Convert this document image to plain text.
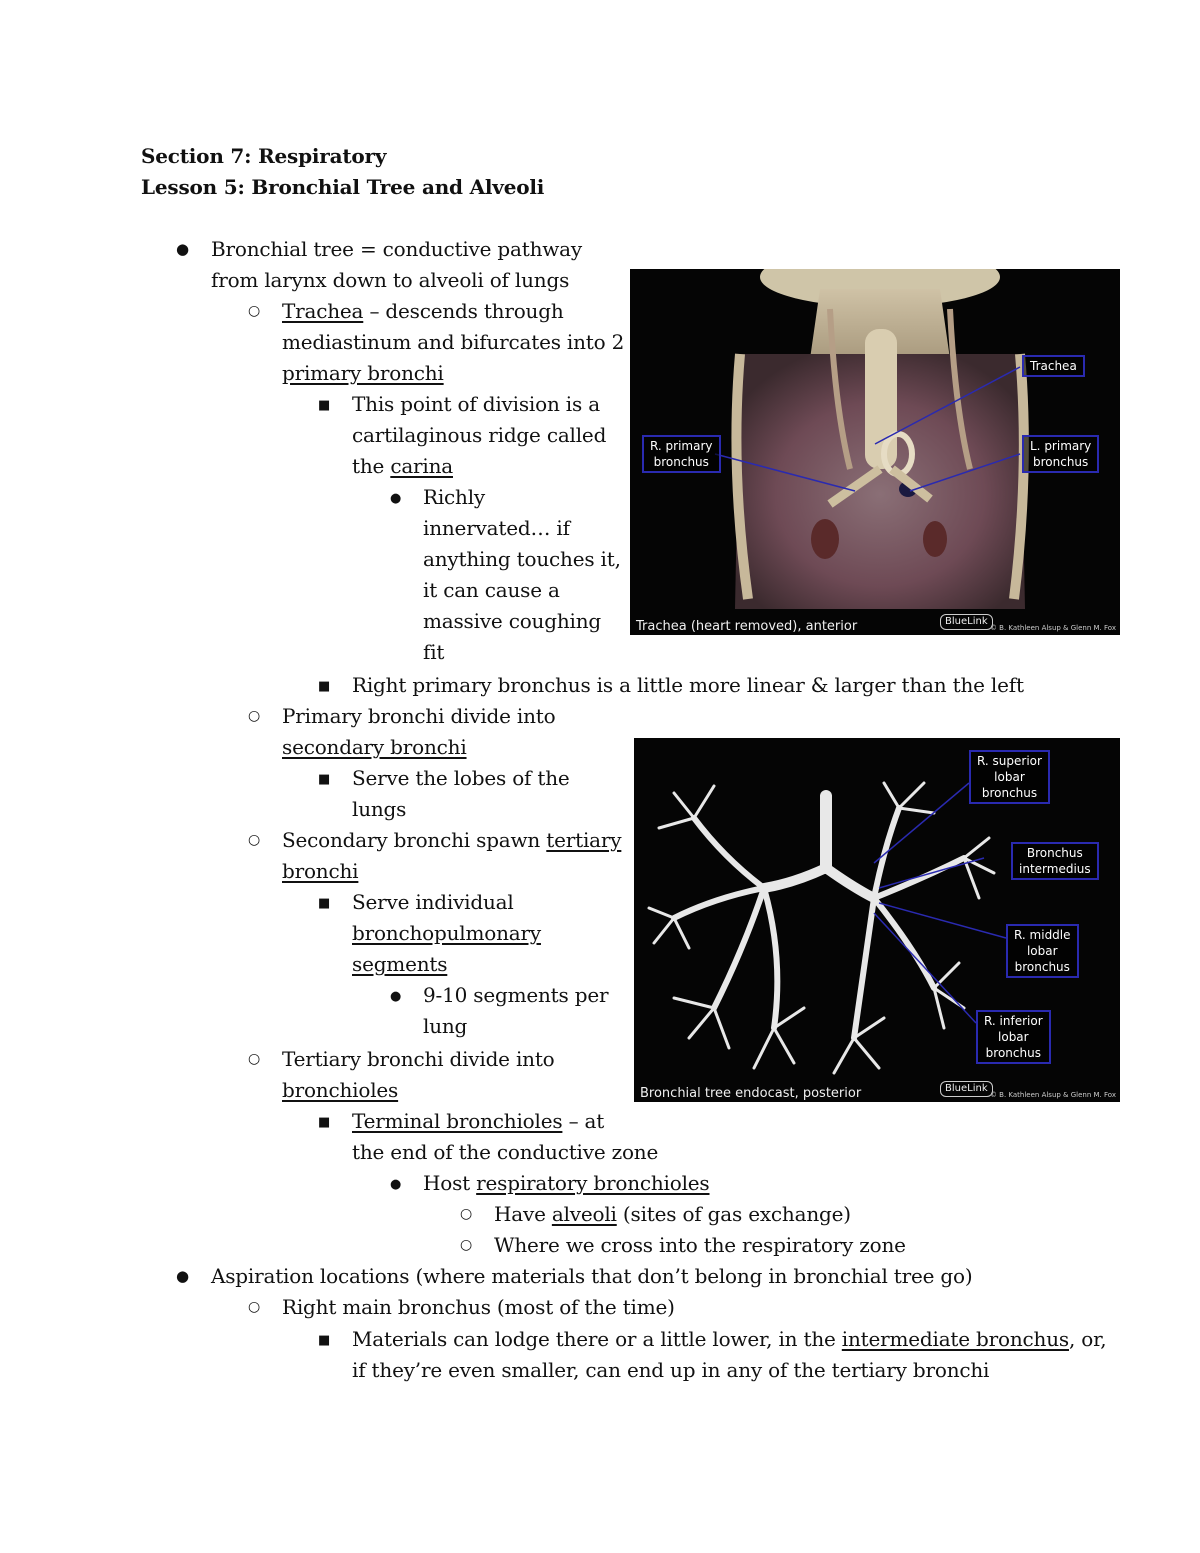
Section 7: Respiratory
Lesson 5: Bronchial Tree and Alveoli
● Bronchial tree = conductive pathway
from larynx down to alveoli of lungs
○ Trachea – descends through
mediastinum and bifurcates into 2
primary bronchi
■ This point of division is a
cartilaginous ridge called
the carina
● Richly
innervated… if
anything touches it,
it can cause a
massive coughing
fit
■ Right primary bronchus is a little more linear & larger than the left
○ Primary bronchi divide into
secondary bronchi
■ Serve the lobes of the
lungs
○ Secondary bronchi spawn tertiary
bronchi
■ Serve individual
bronchopulmonary
segments
● 9-10 segments per
lung
○ Tertiary bronchi divide into
bronchioles
■ Terminal bronchioles – at
the end of the conductive zone
● Host respiratory bronchioles
○ Have alveoli (sites of gas exchange)
○ Where we cross into the respiratory zone
● Aspiration locations (where materials that don’t belong in bronchial tree go)
○ Right main bronchus (most of the time)
■ Materials can lodge there or a little lower, in the intermediate bronchus, or,
if they’re even smaller, can end up in any of the tertiary bronchi
Trachea
R. primary
bronchus
L. primary
bronchus
Trachea (heart removed), anterior	BlueLink
© B. Kathleen Alsup & Glenn M. Fox
R. superior
lobar
bronchus
Bronchus
intermedius
R. middle
lobar
bronchus
R. inferior
lobar
bronchus
Bronchial tree endocast, posterior	BlueLink
© B. Kathleen Alsup & Glenn M. Fox
